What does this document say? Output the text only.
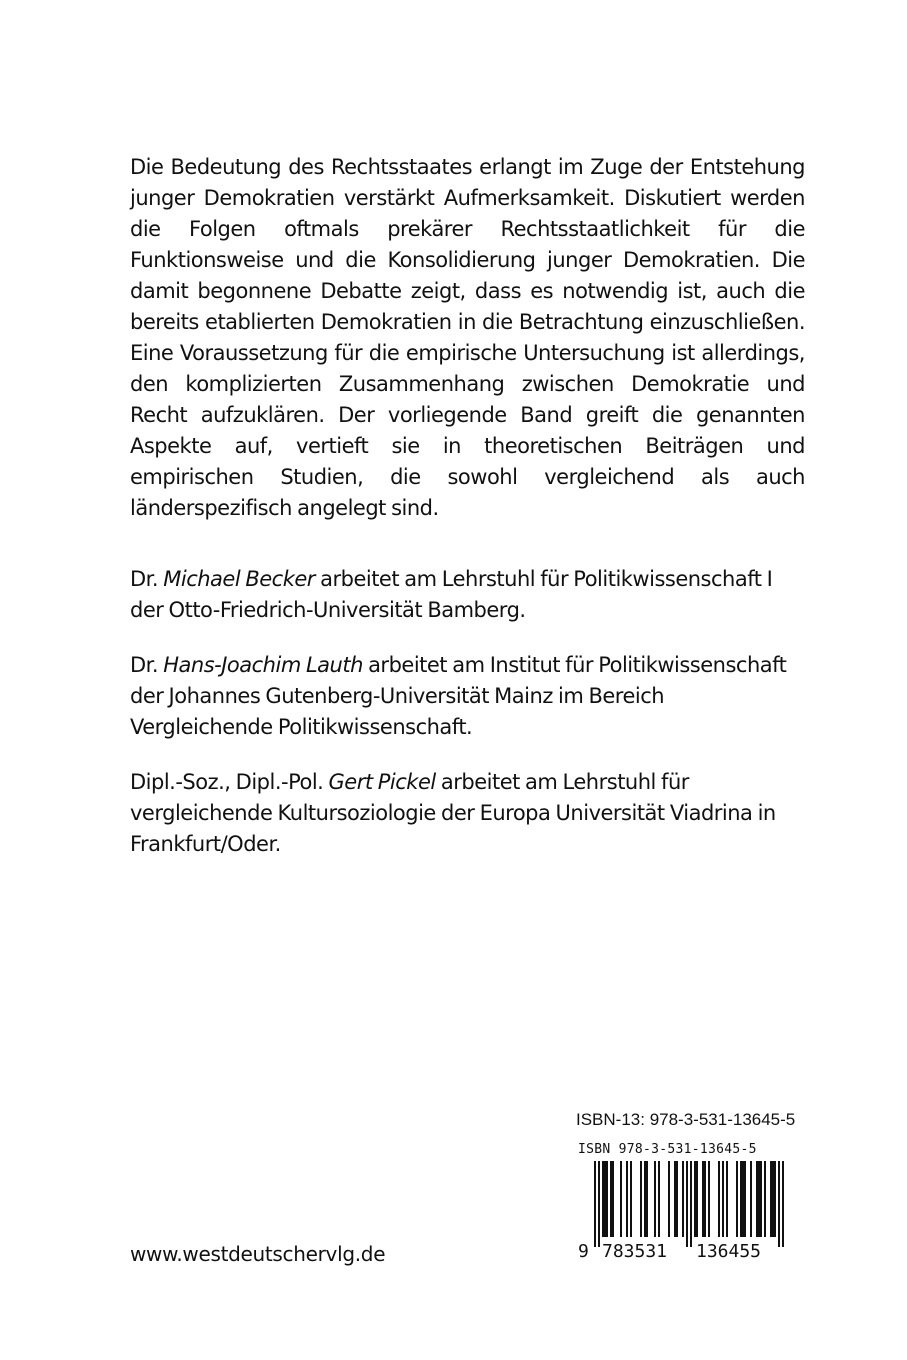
Die Bedeutung des Rechtsstaates erlangt im Zuge der Entstehung junger Demokratien verstärkt Aufmerksamkeit. Diskutiert werden die Folgen oftmals prekärer Rechtsstaatlichkeit für die Funktionsweise und die Konsolidierung junger Demokratien. Die damit begonnene Debatte zeigt, dass es notwendig ist, auch die bereits etablierten Demokratien in die Betrachtung einzuschließen. Eine Voraussetzung für die empirische Untersuchung ist allerdings, den komplizierten Zusammenhang zwischen Demokratie und Recht aufzuklären. Der vorliegende Band greift die genannten Aspekte auf, vertieft sie in theoretischen Beiträgen und empirischen Studien, die sowohl vergleichend als auch länderspezifisch angelegt sind.

Dr. Michael Becker arbeitet am Lehrstuhl für Politikwissenschaft I der Otto-Friedrich-Universität Bamberg.

Dr. Hans-Joachim Lauth arbeitet am Institut für Politikwissenschaft der Johannes Gutenberg-Universität Mainz im Bereich Vergleichende Politikwissenschaft.

Dipl.-Soz., Dipl.-Pol. Gert Pickel arbeitet am Lehrstuhl für vergleichende Kultursoziologie der Europa Universität Viadrina in Frankfurt/Oder.

ISBN-13: 978-3-531-13645-5
ISBN 978-3-531-13645-5
9 783531 136455
www.westdeutschervlg.de
